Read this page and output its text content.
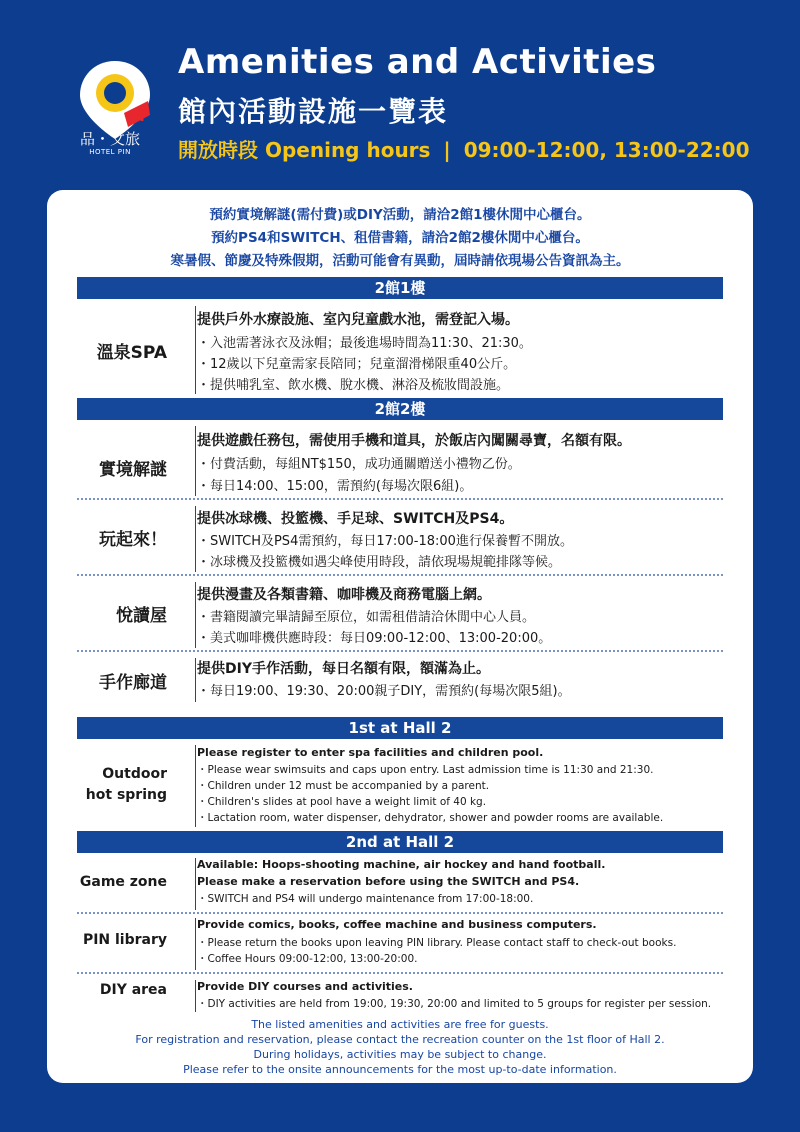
IN
品・文旅
HOTEL PIN
Amenities and Activities
館內活動設施一覽表
開放時段 Opening hours | 09:00-12:00, 13:00-22:00
預約實境解謎(需付費)或DIY活動，請洽2館1樓休閒中心櫃台。
預約PS4和SWITCH、租借書籍，請洽2館2樓休閒中心櫃台。
寒暑假、節慶及特殊假期，活動可能會有異動，屆時請依現場公告資訊為主。
2館1樓
溫泉SPA
提供戶外水療設施、室內兒童戲水池，需登記入場。
・入池需著泳衣及泳帽；最後進場時間為11:30、21:30。
・12歲以下兒童需家長陪同；兒童溜滑梯限重40公斤。
・提供哺乳室、飲水機、脫水機、淋浴及梳妝間設施。
2館2樓
實境解謎
提供遊戲任務包，需使用手機和道具，於飯店內闖關尋寶，名額有限。
・付費活動，每組NT$150，成功通關贈送小禮物乙份。
・每日14:00、15:00，需預約(每場次限6組)。
玩起來！
提供冰球機、投籃機、手足球、SWITCH及PS4。
・SWITCH及PS4需預約，每日17:00-18:00進行保養暫不開放。
・冰球機及投籃機如遇尖峰使用時段，請依現場規範排隊等候。
悅讀屋
提供漫畫及各類書籍、咖啡機及商務電腦上網。
・書籍閱讀完畢請歸至原位，如需租借請洽休閒中心人員。
・美式咖啡機供應時段：每日09:00-12:00、13:00-20:00。
手作廊道
提供DIY手作活動，每日名額有限，額滿為止。
・每日19:00、19:30、20:00親子DIY，需預約(每場次限5組)。
1st at Hall 2
Outdoor
hot spring
Please register to enter spa facilities and children pool.
・Please wear swimsuits and caps upon entry. Last admission time is 11:30 and 21:30.
・Children under 12 must be accompanied by a parent.
・Children's slides at pool have a weight limit of 40 kg.
・Lactation room, water dispenser, dehydrator, shower and powder rooms are available.
2nd at Hall 2
Game zone
Available: Hoops-shooting machine, air hockey and hand football.
Please make a reservation before using the SWITCH and PS4.
・SWITCH and PS4 will undergo maintenance from 17:00-18:00.
PIN library
Provide comics, books, coffee machine and business computers.
・Please return the books upon leaving PIN library. Please contact staff to check-out books.
・Coffee Hours 09:00-12:00, 13:00-20:00.
DIY area	Provide DIY courses and activities.
・DIY activities are held from 19:00, 19:30, 20:00 and limited to 5 groups for register per session.
The listed amenities and activities are free for guests.
For registration and reservation, please contact the recreation counter on the 1st floor of Hall 2.
During holidays, activities may be subject to change.
Please refer to the onsite announcements for the most up-to-date information.
